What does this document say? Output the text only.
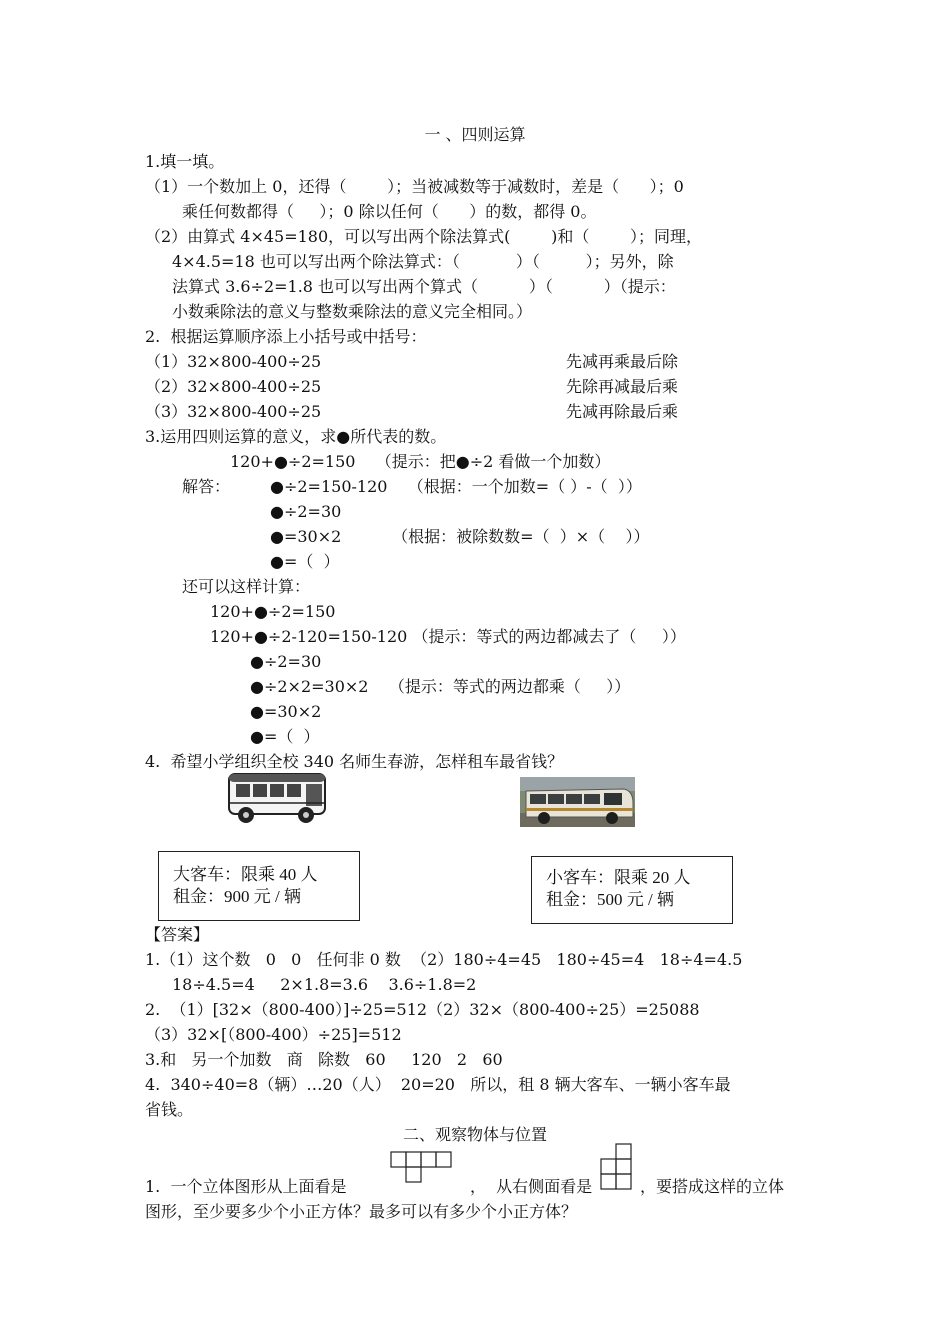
一 、四则运算
1.填一填。
（1）一个数加上 0，还得（        ）；当被减数等于减数时，差是（      ）；0
乘任何数都得（     ）；0 除以任何（      ）的数，都得 0。
（2）由算式 4×45=180，可以写出两个除法算式(        )和（        ）；同理，
4×4.5=18 也可以写出两个除法算式：（           ）（         ）；另外，除
法算式 3.6÷2=1.8 也可以写出两个算式（          ）（          ）（提示：
小数乘除法的意义与整数乘除法的意义完全相同。）
2.  根据运算顺序添上小括号或中括号：
（1）32×800-400÷25	先减再乘最后除
（2）32×800-400÷25	先除再减最后乘
（3）32×800-400÷25	先减再除最后乘
3.运用四则运算的意义，求●所代表的数。
120+●÷2=150    （提示：把●÷2 看做一个加数）
解答： ●÷2=150-120    （根据：一个加数=（ ）-（  ））
●÷2=30
●=30×2          （根据：被除数数=（  ）×（    ））
●=（  ）
还可以这样计算：
120+●÷2=150
120+●÷2-120=150-120 （提示：等式的两边都减去了（     ））
●÷2=30
●÷2×2=30×2    （提示：等式的两边都乘（     ））
●=30×2
●=（  ）
4.  希望小学组织全校 340 名师生春游，怎样租车最省钱？
大客车：限乘 40 人
租金：900 元 / 辆
小客车：限乘 20 人
租金：500 元 / 辆
【答案】
1.（1）这个数   0   0   任何非 0 数  （2）180÷4=45   180÷45=4   18÷4=4.5
18÷4.5=4     2×1.8=3.6    3.6÷1.8=2
2.  （1）[32×（800-400）]÷25=512（2）32×（800-400÷25）=25088
（3）32×[（800-400）÷25]=512
3.和   另一个加数   商   除数   60     120   2   60
4.  340÷40=8（辆）…20（人）  20=20   所以，租 8 辆大客车、一辆小客车最
省钱。
二、观察物体与位置
1.  一个立体图形从上面看是	，  从右侧面看是	，要搭成这样的立体
图形，至少要多少个小正方体？最多可以有多少个小正方体？
